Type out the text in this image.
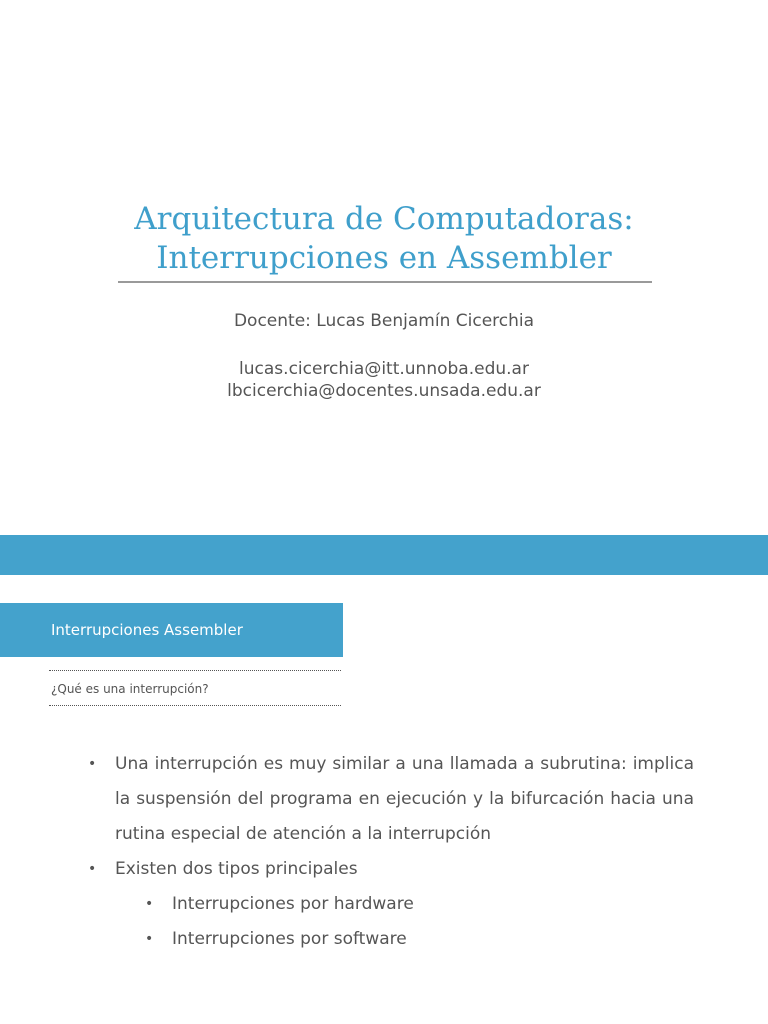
Arquitectura de Computadoras:
Interrupciones en Assembler
Docente: Lucas Benjamín Cicerchia
lucas.cicerchia@itt.unnoba.edu.ar
lbcicerchia@docentes.unsada.edu.ar
Interrupciones Assembler
¿Qué es una interrupción?
• Una interrupción es muy similar a una llamada a subrutina: implica la suspensión del programa en ejecución y la bifurcación hacia una rutina especial de atención a la interrupción
• Existen dos tipos principales
• Interrupciones por hardware
• Interrupciones por software
